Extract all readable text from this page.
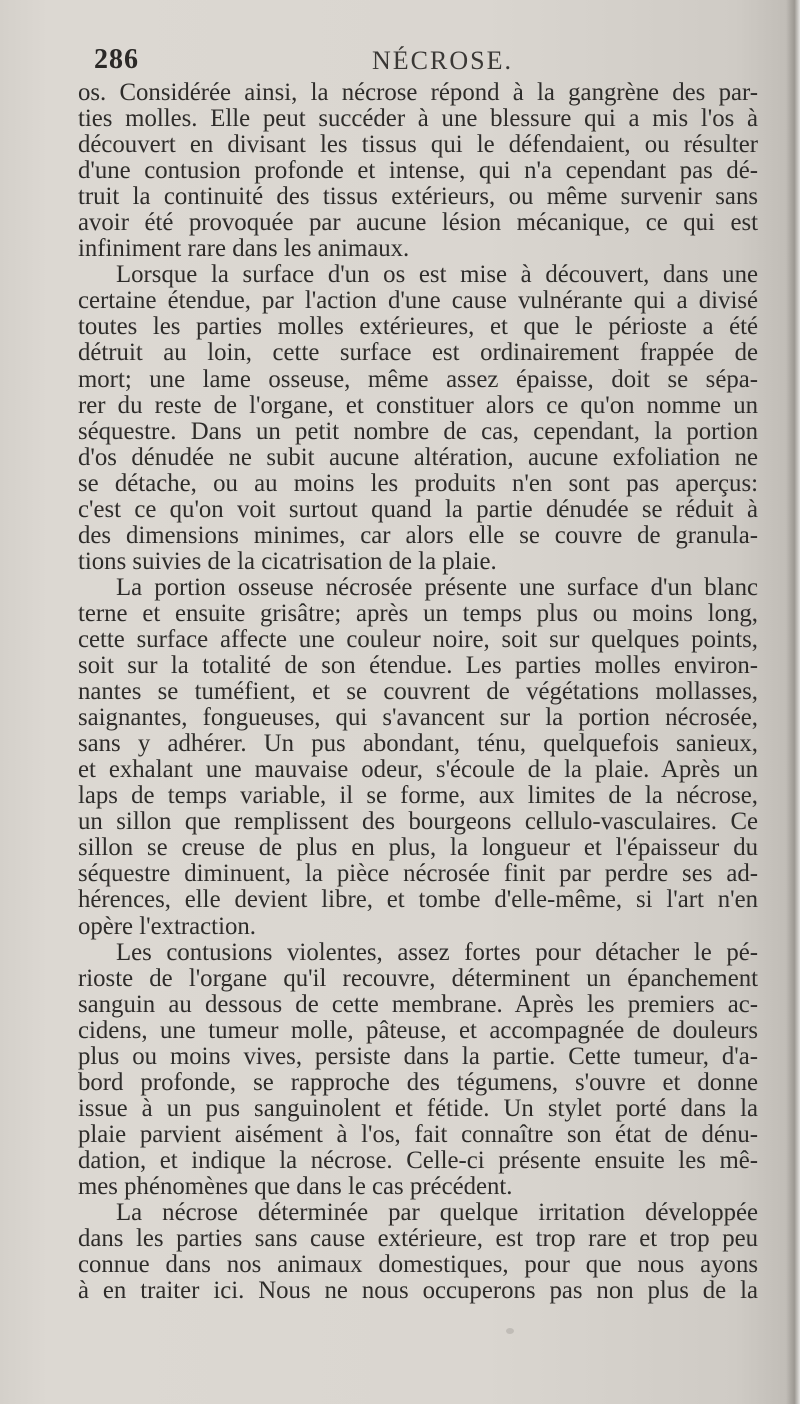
286	NÉCROSE.
os. Considérée ainsi, la nécrose répond à la gangrène des par-
ties molles. Elle peut succéder à une blessure qui a mis l'os à
découvert en divisant les tissus qui le défendaient, ou résulter
d'une contusion profonde et intense, qui n'a cependant pas dé-
truit la continuité des tissus extérieurs, ou même survenir sans
avoir été provoquée par aucune lésion mécanique, ce qui est
infiniment rare dans les animaux.
Lorsque la surface d'un os est mise à découvert, dans une
certaine étendue, par l'action d'une cause vulnérante qui a divisé
toutes les parties molles extérieures, et que le périoste a été
détruit au loin, cette surface est ordinairement frappée de
mort; une lame osseuse, même assez épaisse, doit se sépa-
rer du reste de l'organe, et constituer alors ce qu'on nomme un
séquestre. Dans un petit nombre de cas, cependant, la portion
d'os dénudée ne subit aucune altération, aucune exfoliation ne
se détache, ou au moins les produits n'en sont pas aperçus:
c'est ce qu'on voit surtout quand la partie dénudée se réduit à
des dimensions minimes, car alors elle se couvre de granula-
tions suivies de la cicatrisation de la plaie.
La portion osseuse nécrosée présente une surface d'un blanc
terne et ensuite grisâtre; après un temps plus ou moins long,
cette surface affecte une couleur noire, soit sur quelques points,
soit sur la totalité de son étendue. Les parties molles environ-
nantes se tuméfient, et se couvrent de végétations mollasses,
saignantes, fongueuses, qui s'avancent sur la portion nécrosée,
sans y adhérer. Un pus abondant, ténu, quelquefois sanieux,
et exhalant une mauvaise odeur, s'écoule de la plaie. Après un
laps de temps variable, il se forme, aux limites de la nécrose,
un sillon que remplissent des bourgeons cellulo-vasculaires. Ce
sillon se creuse de plus en plus, la longueur et l'épaisseur du
séquestre diminuent, la pièce nécrosée finit par perdre ses ad-
hérences, elle devient libre, et tombe d'elle-même, si l'art n'en
opère l'extraction.
Les contusions violentes, assez fortes pour détacher le pé-
rioste de l'organe qu'il recouvre, déterminent un épanchement
sanguin au dessous de cette membrane. Après les premiers ac-
cidens, une tumeur molle, pâteuse, et accompagnée de douleurs
plus ou moins vives, persiste dans la partie. Cette tumeur, d'a-
bord profonde, se rapproche des tégumens, s'ouvre et donne
issue à un pus sanguinolent et fétide. Un stylet porté dans la
plaie parvient aisément à l'os, fait connaître son état de dénu-
dation, et indique la nécrose. Celle-ci présente ensuite les mê-
mes phénomènes que dans le cas précédent.
La nécrose déterminée par quelque irritation développée
dans les parties sans cause extérieure, est trop rare et trop peu
connue dans nos animaux domestiques, pour que nous ayons
à en traiter ici. Nous ne nous occuperons pas non plus de la
